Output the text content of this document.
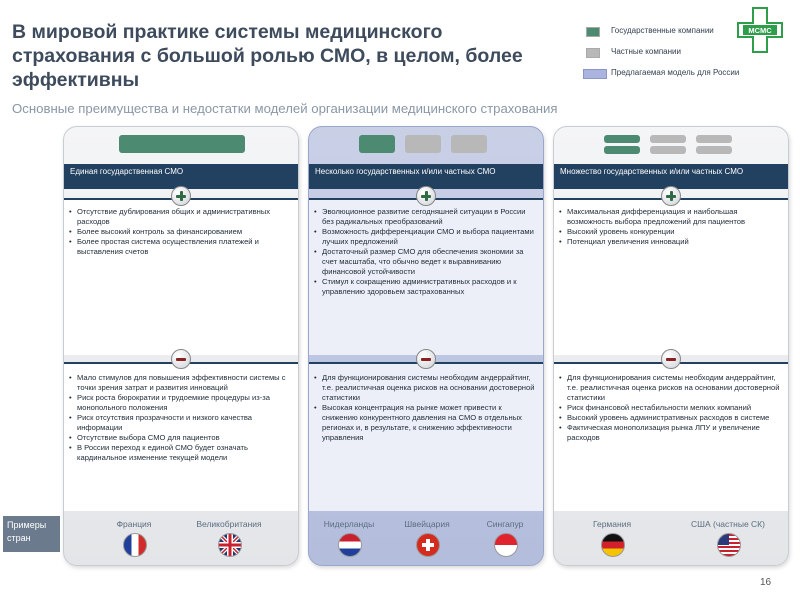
В мировой практике системы медицинского страхования с большой ролью СМО, в целом, более эффективны
Основные преимущества и недостатки моделей организации медицинского страхования
Государственные компании
Частные компании
Предлагаемая модель для России
МСМС
Примеры стран
Единая государственная СМО
• Отсутствие дублирования общих и административных расходов
• Более высокий контроль за финансированием
• Более простая система осуществления платежей и выставления счетов
• Мало стимулов для повышения эффективности системы с точки зрения затрат и развития инноваций
• Риск роста бюрократии и трудоемкие процедуры из-за монопольного положения
• Риск отсутствия прозрачности и низкого качества информации
• Отсутствие выбора СМО для пациентов
• В России переход к единой СМО будет означать кардинальное изменение текущей модели
Франция	Великобритания
Несколько государственных и/или частных СМО
• Эволюционное развитие сегодняшней ситуации в России без радикальных преобразований
• Возможность дифференциации СМО и выбора пациентами лучших предложений
• Достаточный размер СМО для обеспечения экономии за счет масштаба, что обычно ведет к выравниванию финансовой устойчивости
• Стимул к сокращению административных расходов и к управлению здоровьем застрахованных
• Для функционирования системы необходим андеррайтинг, т.е. реалистичная оценка рисков на основании достоверной статистики
• Высокая концентрация на рынке может привести к снижению конкурентного давления на СМО в отдельных регионах и, в результате, к снижению эффективности управления
Нидерланды	Швейцария	Сингапур
Множество государственных и/или частных СМО
• Максимальная дифференциация и наибольшая возможность выбора предложений для пациентов
• Высокий уровень конкуренции
• Потенциал увеличения инноваций
• Для функционирования системы необходим андеррайтинг, т.е. реалистичная оценка рисков на основании достоверной статистики
• Риск финансовой нестабильности мелких компаний
• Высокий уровень административных расходов в системе
• Фактическая монополизация рынка ЛПУ и увеличение расходов
Германия	США (частные СК)
16
